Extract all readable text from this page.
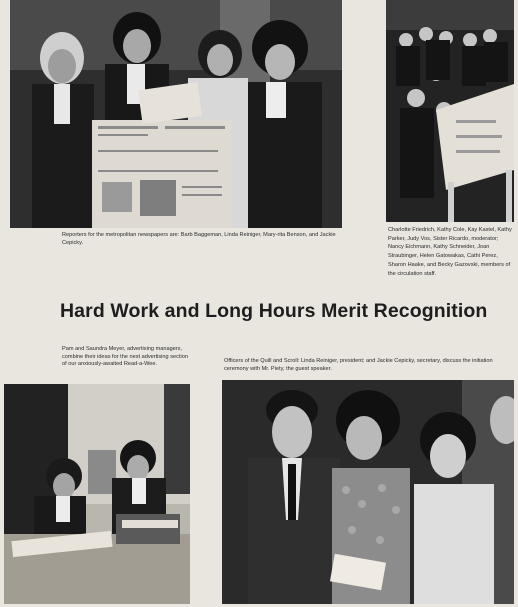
Reporters for the metropolitan newspapers are: Barb Baggeman, Linda Reiniger, Mary-rita Benson, and Jackie Cepicky.

Charlotte Friedrich, Kathy Cole, Kay Kastel, Kathy Parker, Judy Vos, Sister Ricardo, moderator; Nancy Eichmann, Kathy Schneider, Joan Straubinger, Helen Gatowakas, Cathi Perez, Sharon Haake, and Becky Gazovski, members of the circulation staff.

Hard Work and Long Hours Merit Recognition

Pam and Saundra Meyer, advertising managers, combine their ideas for the next advertising section of our anxiously-awaited Read-a-Wee.

Officers of the Quill and Scroll: Linda Reiniger, president; and Jackie Cepicky, secretary, discuss the initiation ceremony with Mr. Piety, the guest speaker.
